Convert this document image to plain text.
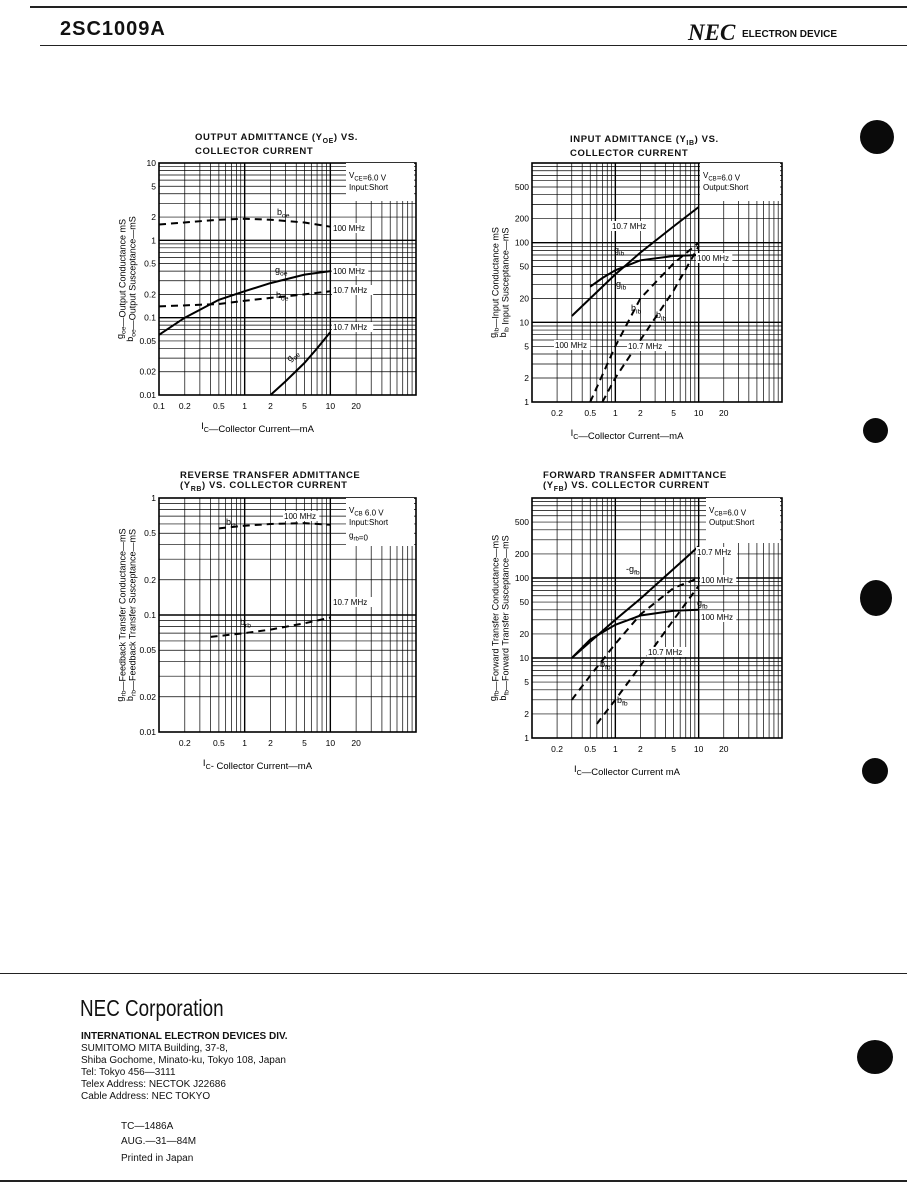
2SC1009A	NEC ELECTRON DEVICE
OUTPUT ADMITTANCE $(Y_{OE})$ VS.
COLLECTOR CURRENT
INPUT ADMITTANCE $(Y_{IB})$ VS.
COLLECTOR CURRENT
REVERSE TRANSFER ADMITTANCE
$(Y_{RB})$ VS. COLLECTOR CURRENT
FORWARD TRANSFER ADMITTANCE
$(Y_{FB})$ VS. COLLECTOR CURRENT
$V_{CE}=6.0$ V
Input:Short
0.1 0.2	0.5 1 2	5 10 20
0.01
0.02
0.05
0.1
0.2
0.5
1
2
5
10
$I_C—Collector$ Current—mA
$g_{oe}—Output$ Conductance mS
$b_{oe}—Output$ Susceptance—mS	100 MHz
100 MHz
10.7 MHz
10.7 MHz
$b_{oe}$
$g_{oe}$
$b_{oe}$
$g_{oe}$
$V_{CB}=6.0$ V
Output:Short
0.2	0.5 1 2	5 10 20
1
2
5
10
20
50
100
200
500
$I_C—Collector$ Current—mA
$g_{ib}—Input$ Conductance mS
$b_{ib}$ Input Susceptance—mS
10.7 MHz
100 MHz
100 MHz	10.7 MHz
$g_{ib}$
$g_{ib}$
$b_{ib}$ $b_{ib}$
$V_{CB}$ 6.0 V
Input:Short
$g_{rb}=0$
0.2	0.5 1 2	5 10 20
0.01
0.02
0.05
0.1
0.2
0.5
1
$I_C-$ Collector Current—mA
$g_{rb}—Feedback$ Transfer Conductance—mS
$b_{rb}—Feedback$ Transfer Susceptance—mS
100 MHz
10.7 MHz
$b_{rb}$
$b_{rb}$
$V_{CB}=6.0$ V
Output:Short
0.2	0.5 1 2	5 10 20
1
2
5
10
20
50
100
200
500
$I_C—Collector$ Current mA
$g_{fb}—Forward$ Transfer Conductance—mS
$b_{fb}—Forward$ Transfer Susceptance—mS	10.7 MHz
100 MHz
100 MHz
10.7 MHz
$-g_{fb}$
$g_{fb}$
$b_{fb}$
$b_{fb}$
NEC Corporation
INTERNATIONAL ELECTRON DEVICES DIV.
SUMITOMO MITA Building, 37-8,
Shiba Gochome, Minato-ku, Tokyo 108, Japan
Tel: Tokyo 456—3111
Telex Address: NECTOK J22686
Cable Address: NEC TOKYO
TC—1486A
AUG.—31—84M
Printed in Japan
